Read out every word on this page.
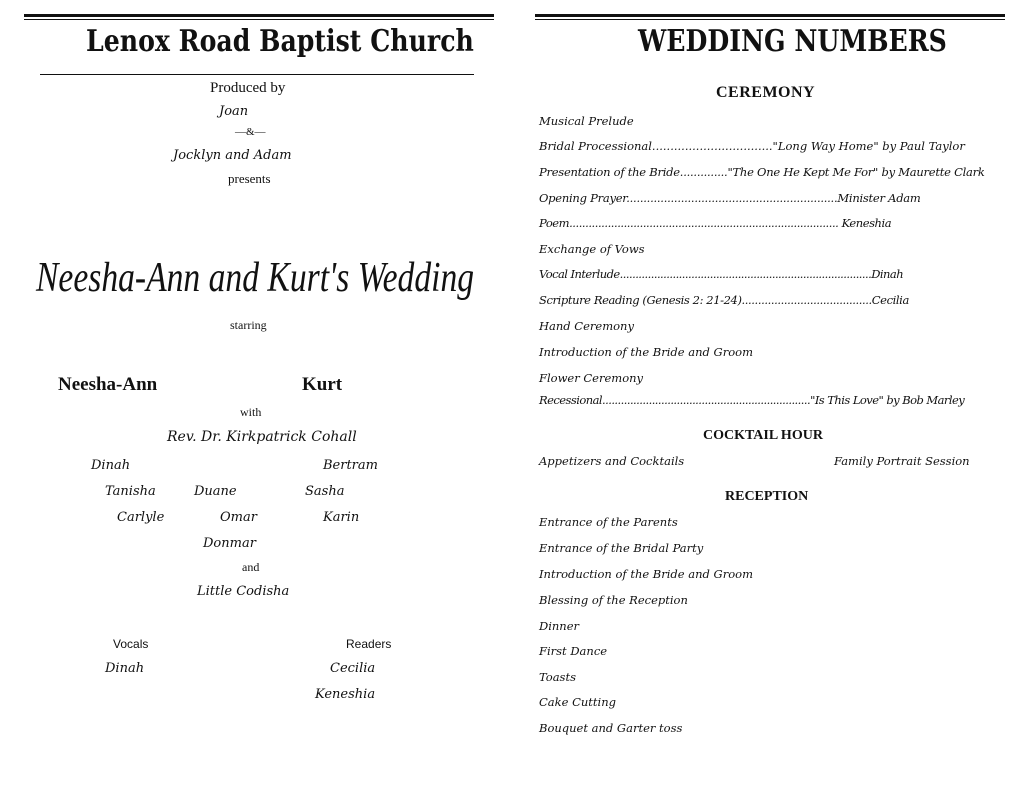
Lenox Road Baptist Church
Produced by
Joan
—&—
Jocklyn and Adam
presents
Neesha-Ann and Kurt's Wedding
starring
Neesha-Ann	Kurt
with
Rev. Dr. Kirkpatrick Cohall
Dinah	Bertram
Tanisha	Duane	Sasha
Carlyle	Omar	Karin
Donmar
and
Little Codisha
Vocals	Readers
Dinah	Cecilia
Keneshia
WEDDING NUMBERS
CEREMONY
Musical Prelude
Bridal Processional................................."Long Way Home" by Paul Taylor
Presentation of the Bride.............."The One He Kept Me For" by Maurette Clark
Opening Prayer..............................................................Minister Adam
Poem.................................................................................... Keneshia
Exchange of Vows
Vocal Interlude.................................................................................Dinah
Scripture Reading (Genesis 2: 21-24)........................................Cecilia
Hand Ceremony
Introduction of the Bride and Groom
Flower Ceremony
Recessional..................................................................."Is This Love" by Bob Marley
COCKTAIL HOUR
Appetizers and Cocktails	Family Portrait Session
RECEPTION
Entrance of the Parents
Entrance of the Bridal Party
Introduction of the Bride and Groom
Blessing of the Reception
Dinner
First Dance
Toasts
Cake Cutting
Bouquet and Garter toss
